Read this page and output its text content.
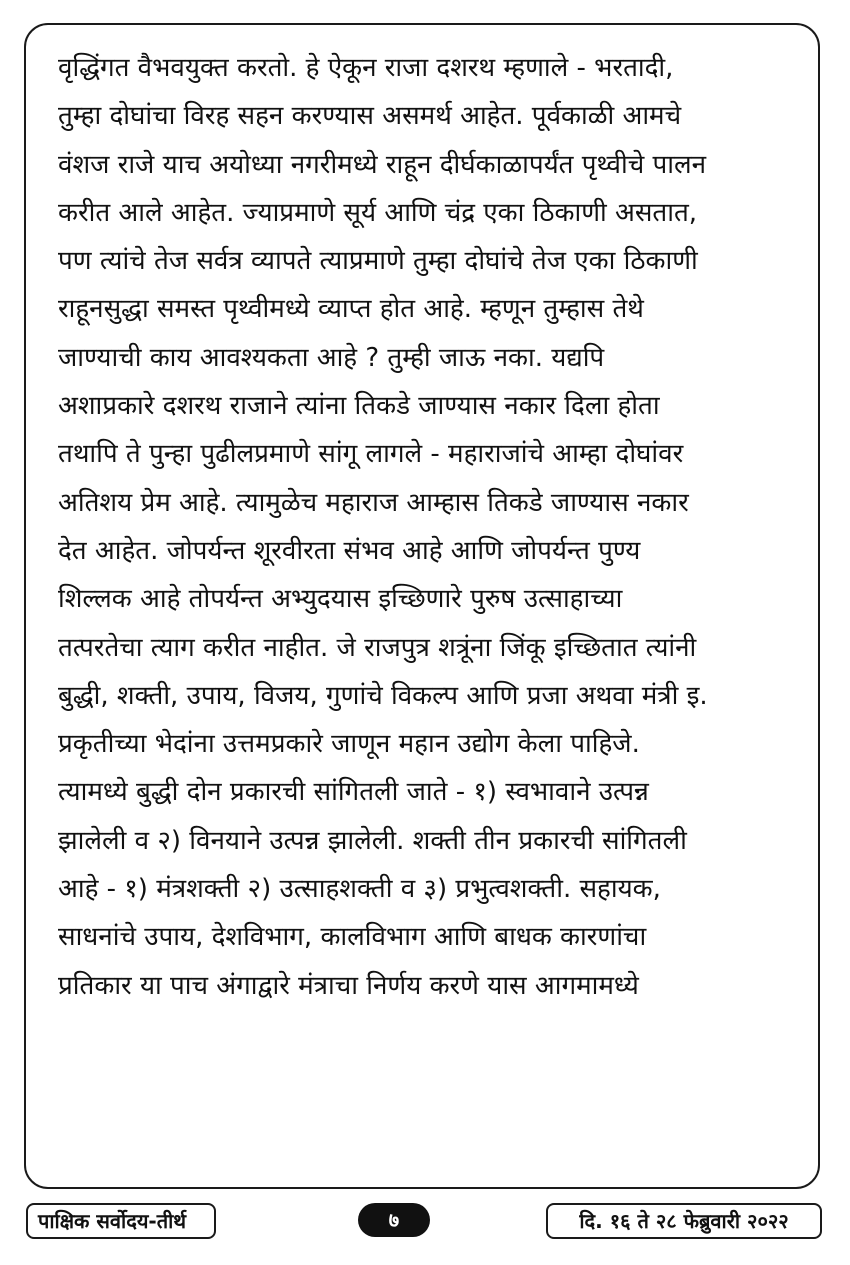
वृद्धिंगत वैभवयुक्त करतो. हे ऐकून राजा दशरथ म्हणाले - भरतादी,
तुम्हा दोघांचा विरह सहन करण्यास असमर्थ आहेत. पूर्वकाळी आमचे
वंशज राजे याच अयोध्या नगरीमध्ये राहून दीर्घकाळापर्यंत पृथ्वीचे पालन
करीत आले आहेत. ज्याप्रमाणे सूर्य आणि चंद्र एका ठिकाणी असतात,
पण त्यांचे तेज सर्वत्र व्यापते त्याप्रमाणे तुम्हा दोघांचे तेज एका ठिकाणी
राहूनसुद्धा समस्त पृथ्वीमध्ये व्याप्त होत आहे. म्हणून तुम्हास तेथे
जाण्याची काय आवश्यकता आहे ? तुम्ही जाऊ नका. यद्यपि
अशाप्रकारे दशरथ राजाने त्यांना तिकडे जाण्यास नकार दिला होता
तथापि ते पुन्हा पुढीलप्रमाणे सांगू लागले - महाराजांचे आम्हा दोघांवर
अतिशय प्रेम आहे. त्यामुळेच महाराज आम्हास तिकडे जाण्यास नकार
देत आहेत. जोपर्यन्त शूरवीरता संभव आहे आणि जोपर्यन्त पुण्य
शिल्लक आहे तोपर्यन्त अभ्युदयास इच्छिणारे पुरुष उत्साहाच्या
तत्परतेचा त्याग करीत नाहीत. जे राजपुत्र शत्रूंना जिंकू इच्छितात त्यांनी
बुद्धी, शक्ती, उपाय, विजय, गुणांचे विकल्प आणि प्रजा अथवा मंत्री इ.
प्रकृतीच्या भेदांना उत्तमप्रकारे जाणून महान उद्योग केला पाहिजे.
त्यामध्ये बुद्धी दोन प्रकारची सांगितली जाते - १) स्वभावाने उत्पन्न
झालेली व २) विनयाने उत्पन्न झालेली. शक्ती तीन प्रकारची सांगितली
आहे - १) मंत्रशक्ती २) उत्साहशक्ती व ३) प्रभुत्वशक्ती. सहायक,
साधनांचे उपाय, देशविभाग, कालविभाग आणि बाधक कारणांचा
प्रतिकार या पाच अंगाद्वारे मंत्राचा निर्णय करणे यास आगमामध्ये
पाक्षिक सर्वोदय-तीर्थ	दि. १६ ते २८ फेब्रुवारी २०२२
७
